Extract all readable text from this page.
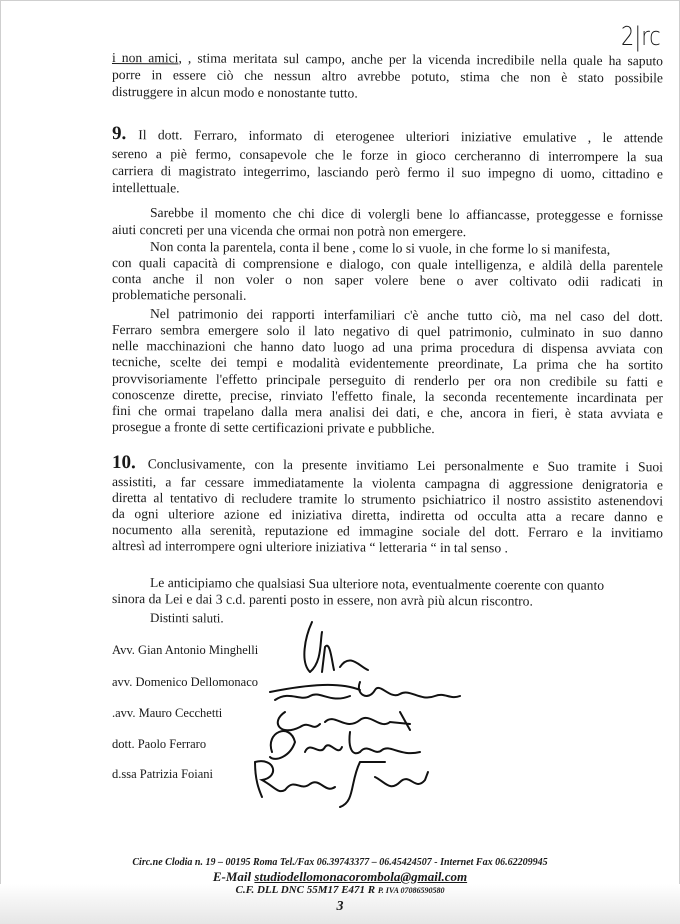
2|rc
i non amici, , stima meritata sul campo, anche per la vicenda incredibile nella quale ha saputo
porre in essere ciò che nessun altro avrebbe potuto, stima che non è stato possibile
distruggere in alcun modo e nonostante tutto.
9. Il dott. Ferraro, informato di eterogenee ulteriori iniziative emulative , le attende
sereno a piè fermo, consapevole che le forze in gioco cercheranno di interrompere la sua
carriera di magistrato integerrimo, lasciando però fermo il suo impegno di uomo, cittadino e
intellettuale.
Sarebbe il momento che chi dice di volergli bene lo affiancasse, proteggesse e fornisse
aiuti concreti per una vicenda che ormai non potrà non emergere.
Non conta la parentela, conta il bene , come lo si vuole, in che forme lo si manifesta,
con quali capacità di comprensione e dialogo, con quale intelligenza, e aldilà della parentele
conta anche il non voler o non saper volere bene o aver coltivato odii radicati in
problematiche personali.
Nel patrimonio dei rapporti interfamiliari c'è anche tutto ciò, ma nel caso del dott.
Ferraro sembra emergere solo il lato negativo di quel patrimonio, culminato in suo danno
nelle macchinazioni che hanno dato luogo ad una prima procedura di dispensa avviata con
tecniche, scelte dei tempi e modalità evidentemente preordinate, La prima che ha sortito
provvisoriamente l'effetto principale perseguito di renderlo per ora non credibile su fatti e
conoscenze dirette, precise, rinviato l'effetto finale, la seconda recentemente incardinata per
fini che ormai trapelano dalla mera analisi dei dati, e che, ancora in fieri, è stata avviata e
prosegue a fronte di sette certificazioni private e pubbliche.
10. Conclusivamente, con la presente invitiamo Lei personalmente e Suo tramite i Suoi
assistiti, a far cessare immediatamente la violenta campagna di aggressione denigratoria e
diretta al tentativo di recludere tramite lo strumento psichiatrico il nostro assistito astenendovi
da ogni ulteriore azione ed iniziativa diretta, indiretta od occulta atta a recare danno e
nocumento alla serenità, reputazione ed immagine sociale del dott. Ferraro e la invitiamo
altresì ad interrompere ogni ulteriore iniziativa “ letteraria “ in tal senso .
Le anticipiamo che qualsiasi Sua ulteriore nota, eventualmente coerente con quanto
sinora da Lei e dai 3 c.d. parenti posto in essere, non avrà più alcun riscontro.
Distinti saluti.
Avv. Gian Antonio Minghelli
avv. Domenico Dellomonaco
.avv. Mauro Cecchetti
dott. Paolo Ferraro
d.ssa Patrizia Foiani
Circ.ne Clodia n. 19 – 00195 Roma Tel./Fax 06.39743377 – 06.45424507 - Internet Fax 06.62209945
E-Mail studiodellomonacorombola@gmail.com
C.F. DLL DNC 55M17 E471 R P. IVA 07086590580
3
